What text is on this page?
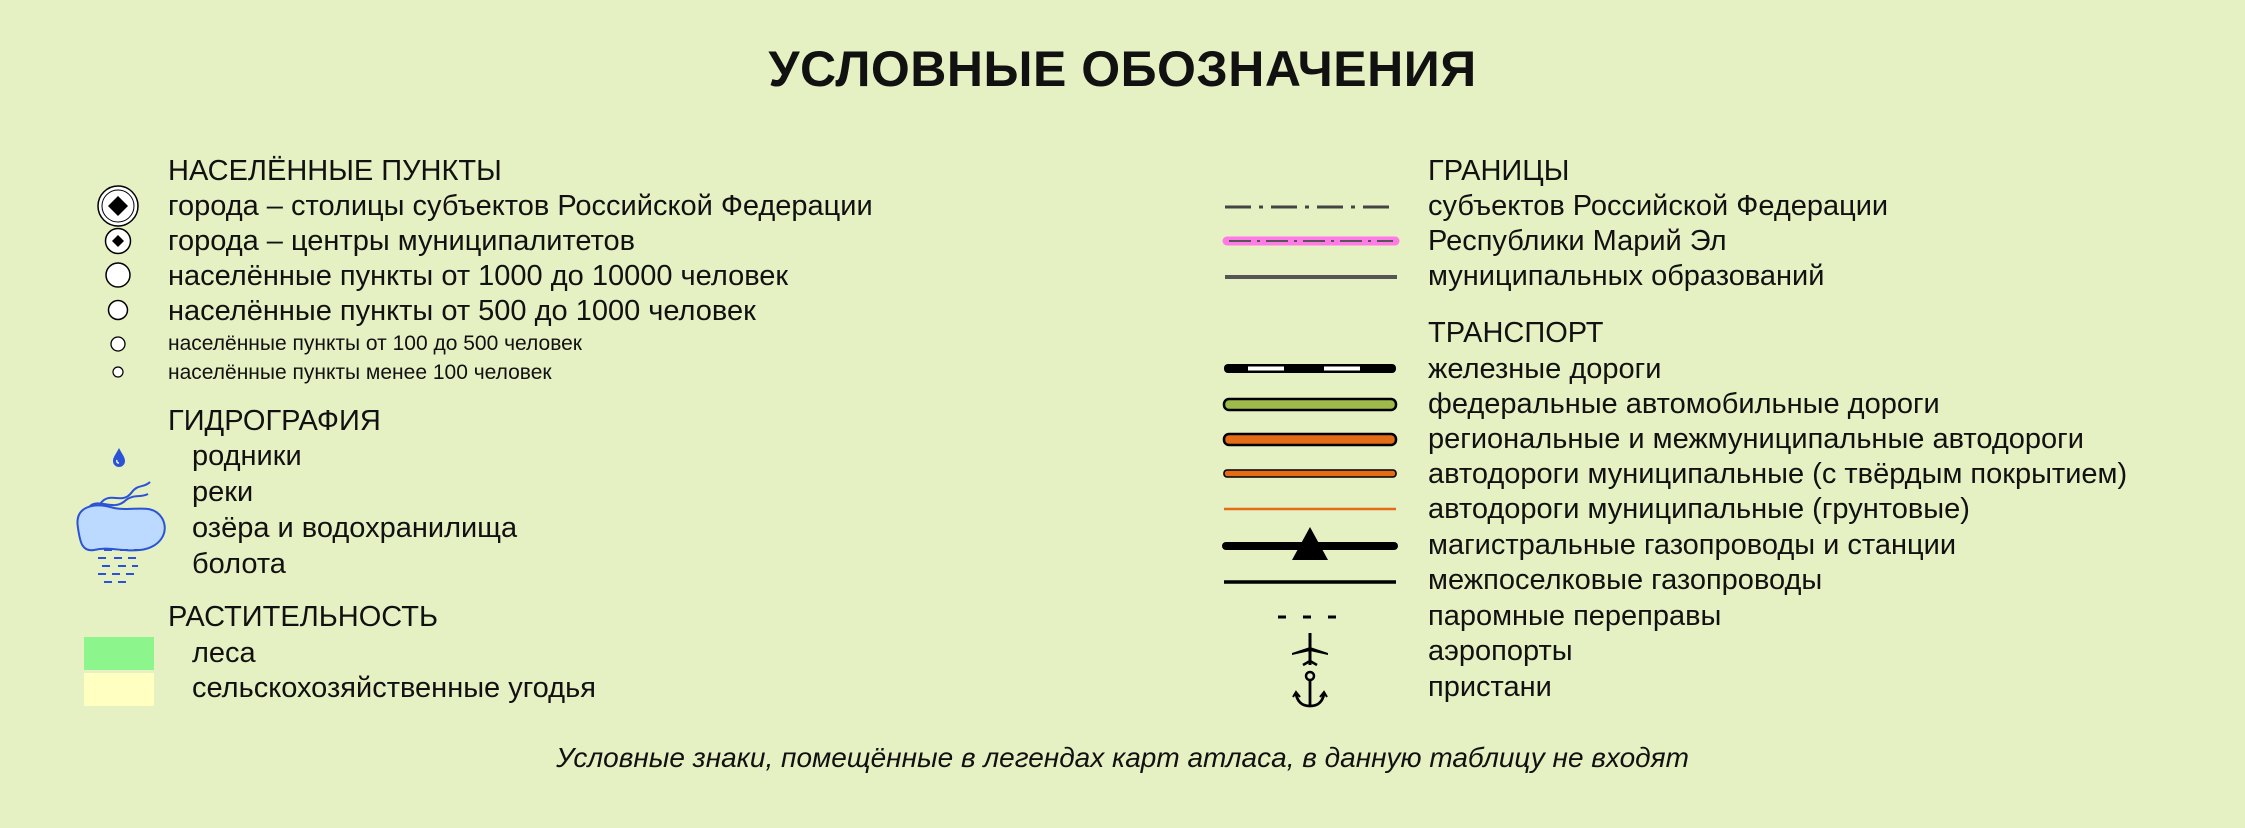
УСЛОВНЫЕ ОБОЗНАЧЕНИЯ
НАСЕЛЁННЫЕ ПУНКТЫ
города – столицы субъектов Российской Федерации
города – центры муниципалитетов
населённые пункты от 1000 до 10000 человек
населённые пункты от 500 до 1000 человек
населённые пункты от 100 до 500 человек
населённые пункты менее 100 человек
ГИДРОГРАФИЯ
родники
реки
озёра и водохранилища
болота
РАСТИТЕЛЬНОСТЬ
леса
сельскохозяйственные угодья
ГРАНИЦЫ
субъектов Российской Федерации
Республики Марий Эл
муниципальных образований
ТРАНСПОРТ
железные дороги
федеральные автомобильные дороги
региональные и межмуниципальные автодороги
автодороги муниципальные (с твёрдым покрытием)
автодороги муниципальные (грунтовые)
магистральные газопроводы и станции
межпоселковые газопроводы
паромные переправы
аэропорты
пристани
Условные знаки, помещённые в легендах карт атласа, в данную таблицу не входят
